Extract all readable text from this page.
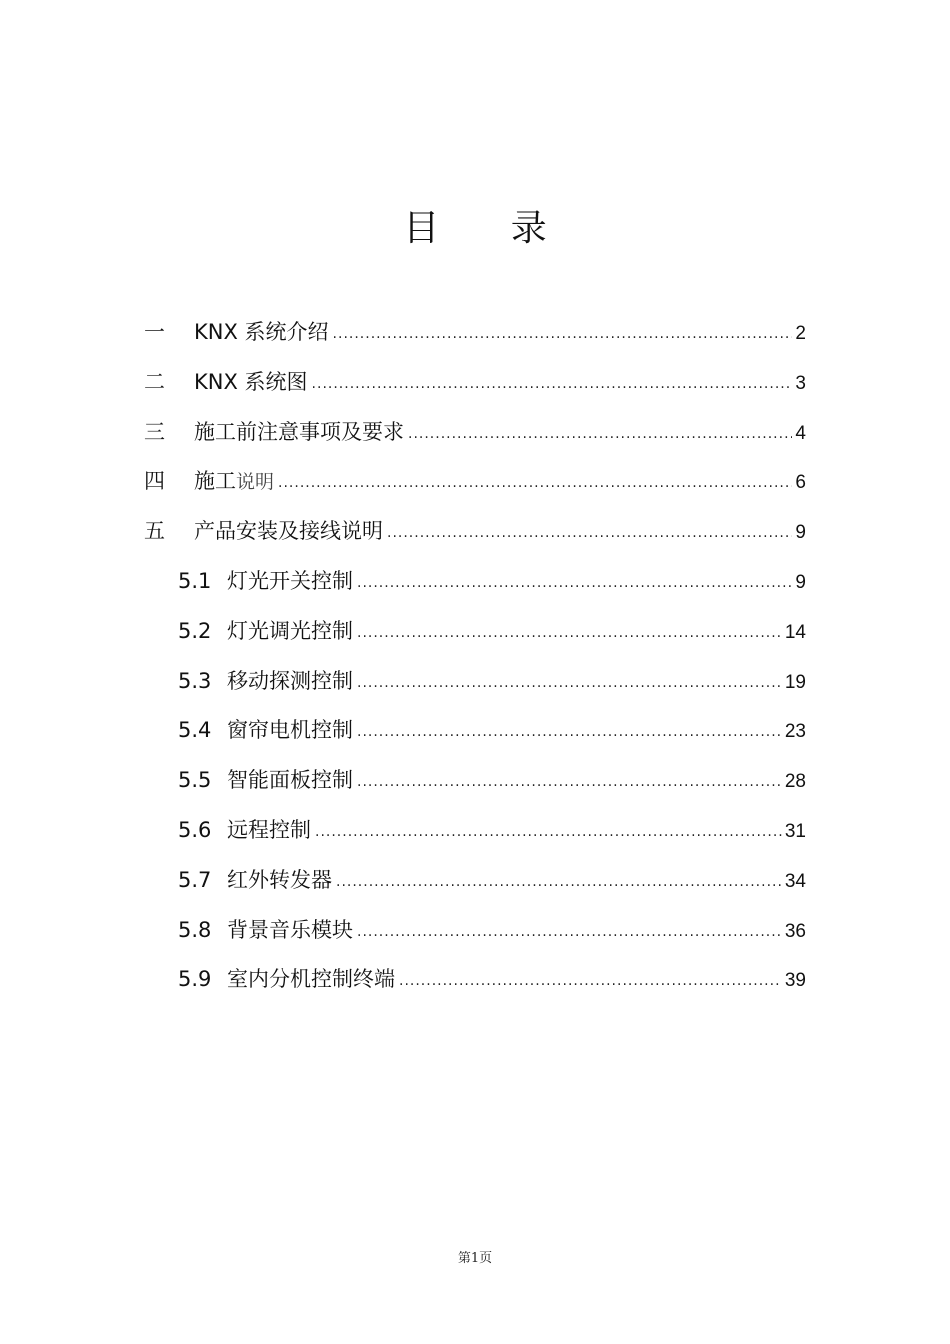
目 录
一	KNX 系统介绍 .....	2
二	KNX 系统图 .....	3
三	施工前注意事项及要求 .....	4
四	施工说明 .....	6
五	产品安装及接线说明 .....	9
5.1 灯光开关控制 .....	9
5.2 灯光调光控制 .....	14
5.3 移动探测控制 .....	19
5.4 窗帘电机控制 .....	23
5.5 智能面板控制 .....	28
5.6 远程控制 .....	31
5.7 红外转发器 .....	34
5.8 背景音乐模块 .....	36
5.9 室内分机控制终端 .....	39
第1页
